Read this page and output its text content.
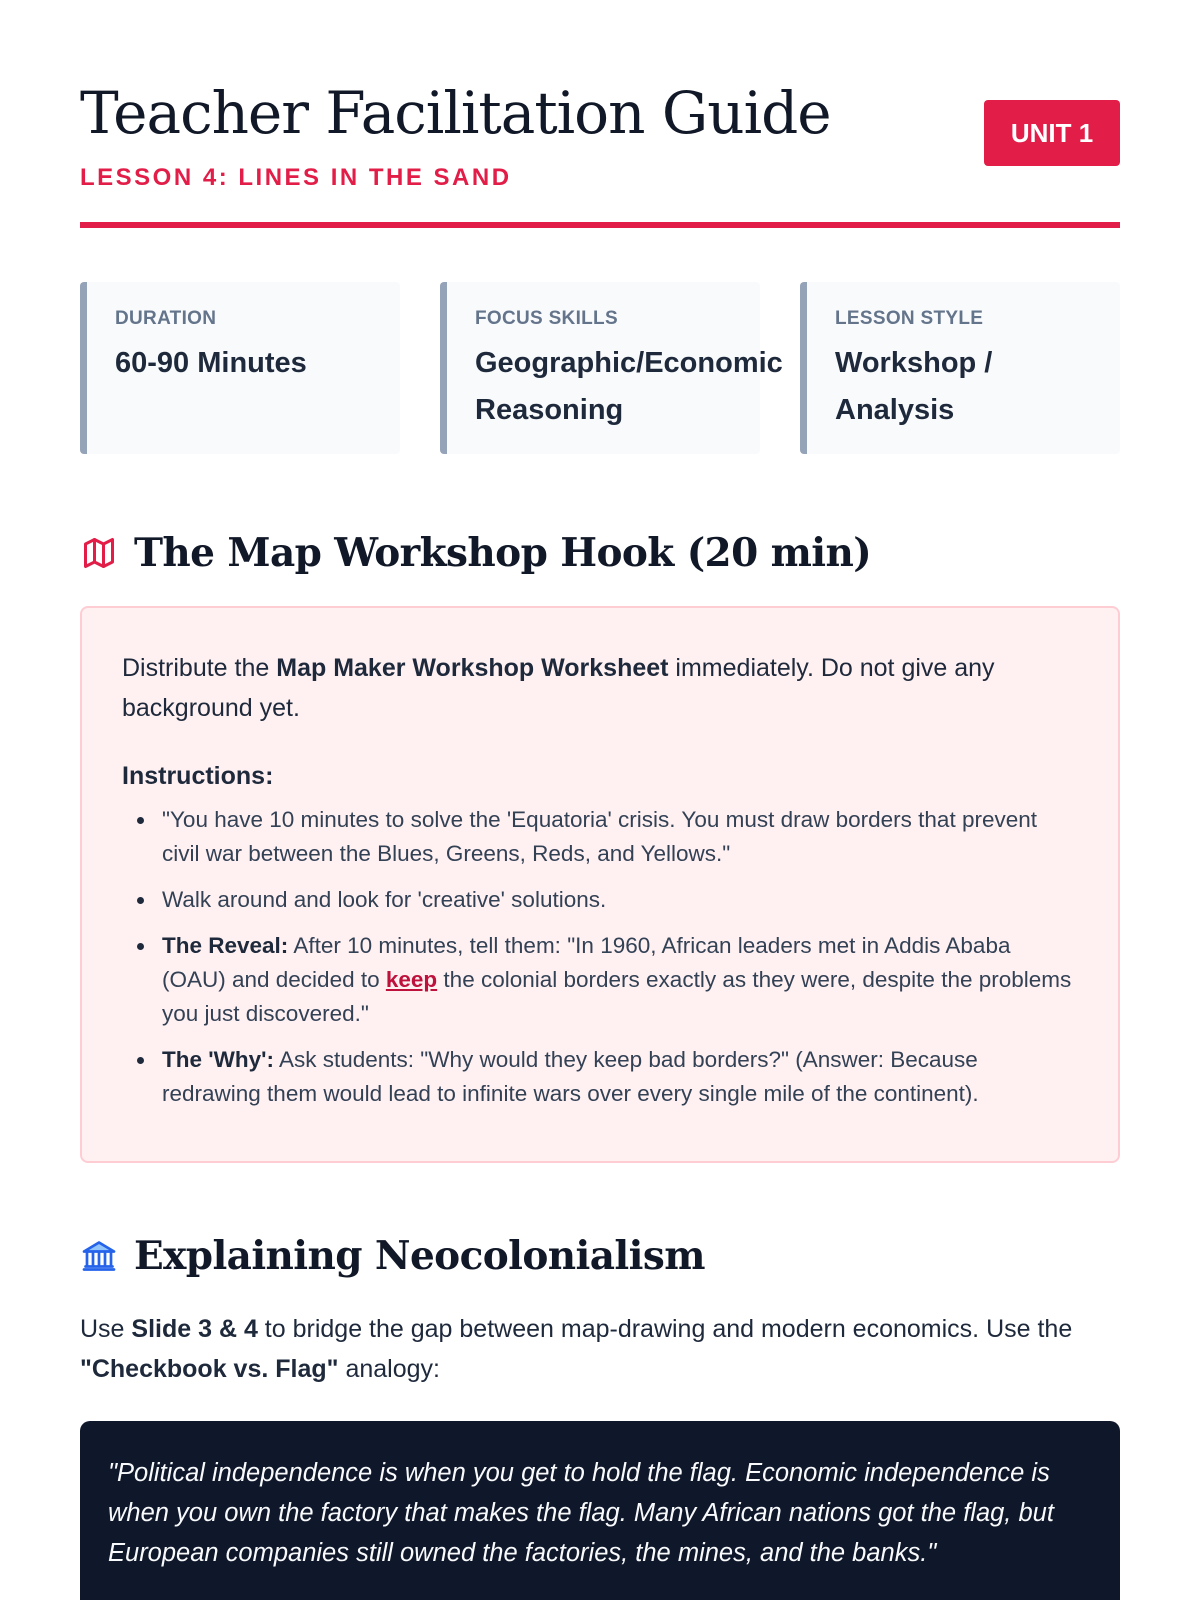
Teacher Facilitation Guide
LESSON 4: LINES IN THE SAND
UNIT 1
DURATION
60-90 Minutes
FOCUS SKILLS
Geographic/Economic
Reasoning
LESSON STYLE
Workshop /
Analysis
The Map Workshop Hook (20 min)

Distribute the Map Maker Workshop Worksheet immediately. Do not give any background yet.

Instructions:
"You have 10 minutes to solve the 'Equatoria' crisis. You must draw borders that prevent civil war between the Blues, Greens, Reds, and Yellows."
Walk around and look for 'creative' solutions.
The Reveal: After 10 minutes, tell them: "In 1960, African leaders met in Addis Ababa (OAU) and decided to keep the colonial borders exactly as they were, despite the problems you just discovered."
The 'Why': Ask students: "Why would they keep bad borders?" (Answer: Because redrawing them would lead to infinite wars over every single mile of the continent).
Explaining Neocolonialism

Use Slide 3 & 4 to bridge the gap between map-drawing and modern economics. Use the "Checkbook vs. Flag" analogy:

"Political independence is when you get to hold the flag. Economic independence is when you own the factory that makes the flag. Many African nations got the flag, but European companies still owned the factories, the mines, and the banks."
